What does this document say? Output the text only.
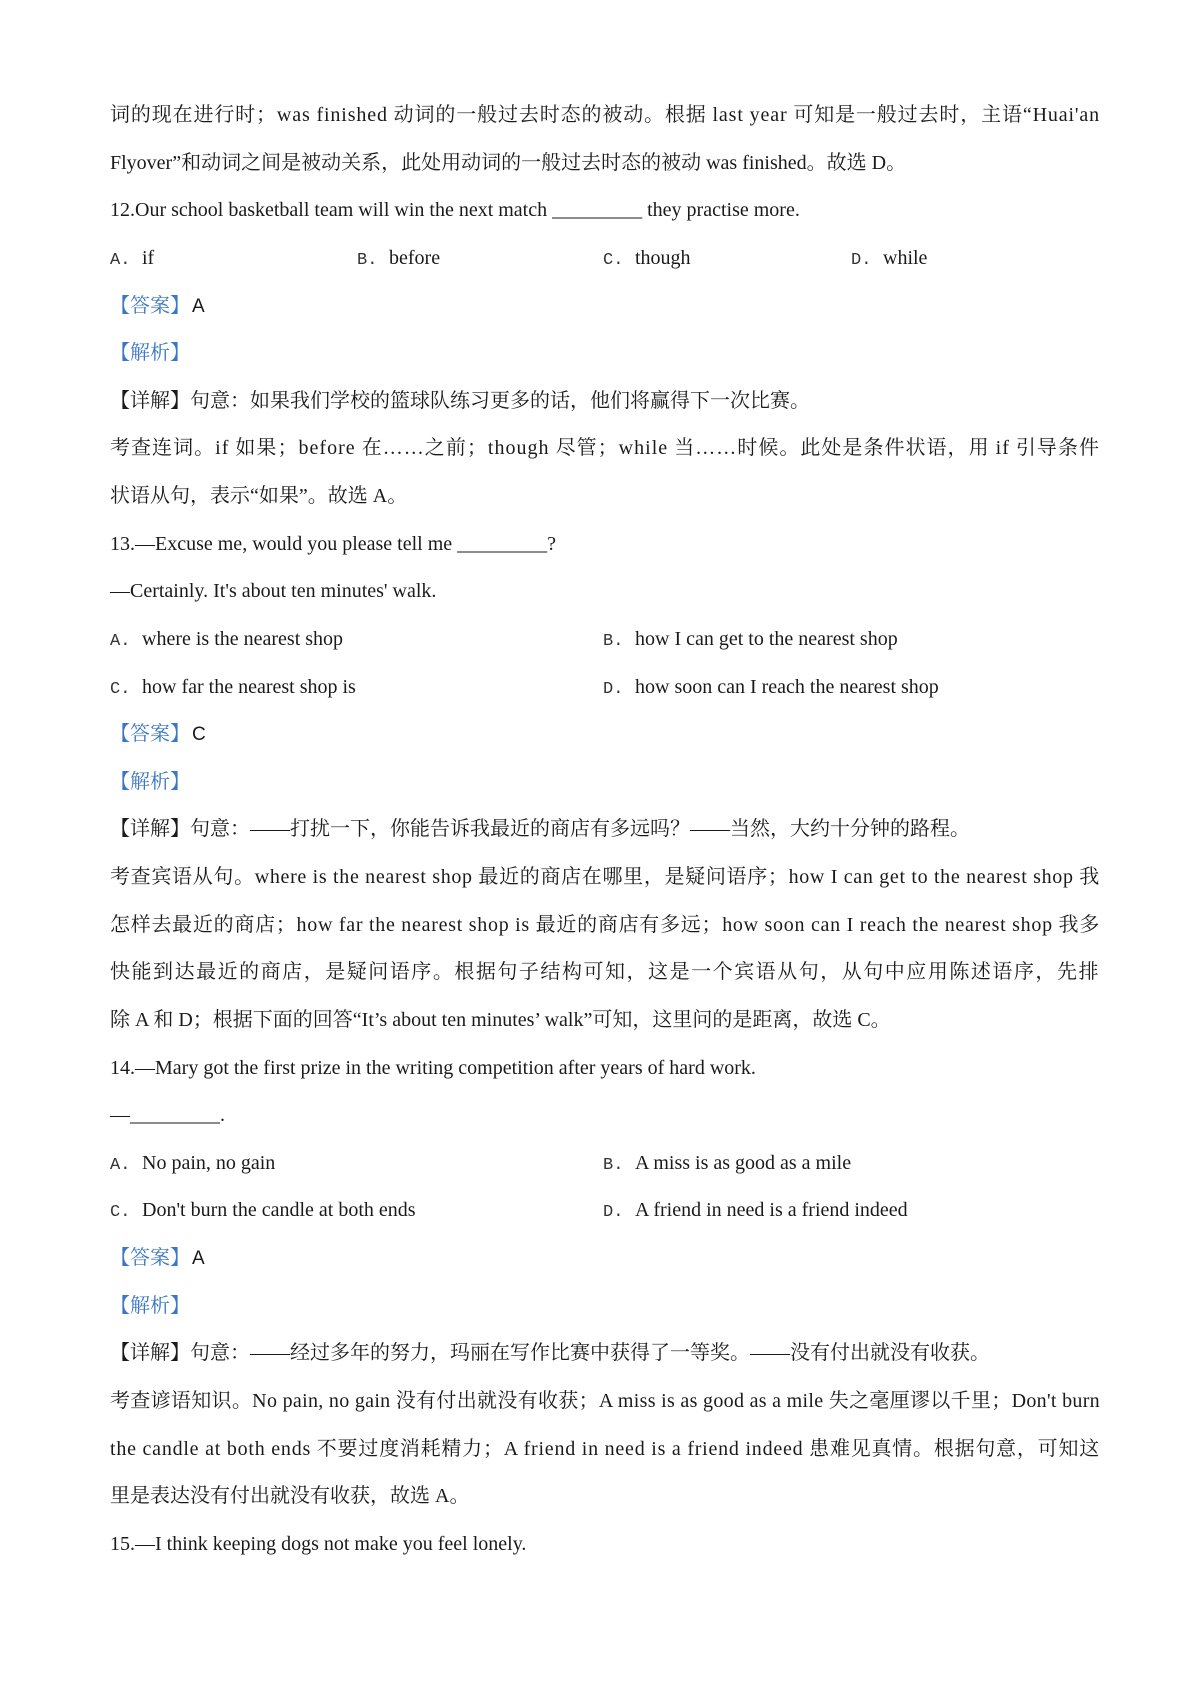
词的现在进行时；was finished 动词的一般过去时态的被动。根据 last year 可知是一般过去时，主语“Huai'an
Flyover”和动词之间是被动关系，此处用动词的一般过去时态的被动 was finished。故选 D。
12.Our school basketball team will win the next match _________ they practise more.
A. if	B. before	C. though	D. while
【答案】 A
【解析】
【详解】句意：如果我们学校的篮球队练习更多的话，他们将赢得下一次比赛。
考查连词。if 如果；before 在……之前；though 尽管；while 当……时候。此处是条件状语，用 if 引导条件
状语从句，表示“如果”。故选 A。
13.—Excuse me, would you please tell me _________?
—Certainly. It's about ten minutes' walk.
A. where is the nearest shop	B. how I can get to the nearest shop
C. how far the nearest shop is	D. how soon can I reach the nearest shop
【答案】 C
【解析】
【详解】句意：——打扰一下，你能告诉我最近的商店有多远吗？——当然，大约十分钟的路程。
考查宾语从句。where is the nearest shop 最近的商店在哪里，是疑问语序；how I can get to the nearest shop 我
怎样去最近的商店；how far the nearest shop is 最近的商店有多远；how soon can I reach the nearest shop 我多
快能到达最近的商店，是疑问语序。根据句子结构可知，这是一个宾语从句，从句中应用陈述语序，先排
除 A 和 D；根据下面的回答“It’s about ten minutes’ walk”可知，这里问的是距离，故选 C。
14.—Mary got the first prize in the writing competition after years of hard work.
—_________.
A. No pain, no gain	B. A miss is as good as a mile
C. Don't burn the candle at both ends	D. A friend in need is a friend indeed
【答案】 A
【解析】
【详解】句意：——经过多年的努力，玛丽在写作比赛中获得了一等奖。——没有付出就没有收获。
考查谚语知识。No pain, no gain 没有付出就没有收获；A miss is as good as a mile 失之毫厘谬以千里；Don't burn
the candle at both ends 不要过度消耗精力；A friend in need is a friend indeed 患难见真情。根据句意，可知这
里是表达没有付出就没有收获，故选 A。
15.—I think keeping dogs not make you feel lonely.
